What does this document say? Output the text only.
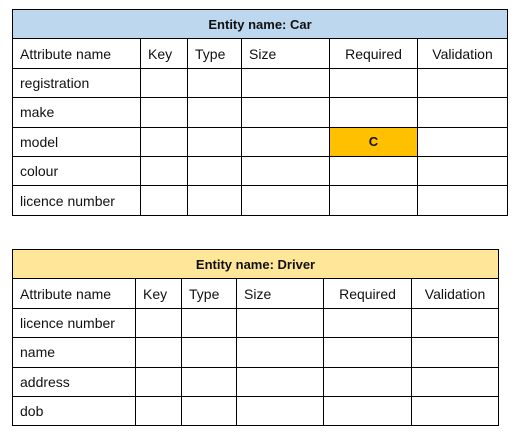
Entity name: Car					
Attribute name	Key	Type	Size	Required	Validation
registration					
make					
model				C	
colour					
licence number					
Entity name: Driver					
Attribute name	Key	Type	Size	Required	Validation
licence number					
name					
address					
dob					
